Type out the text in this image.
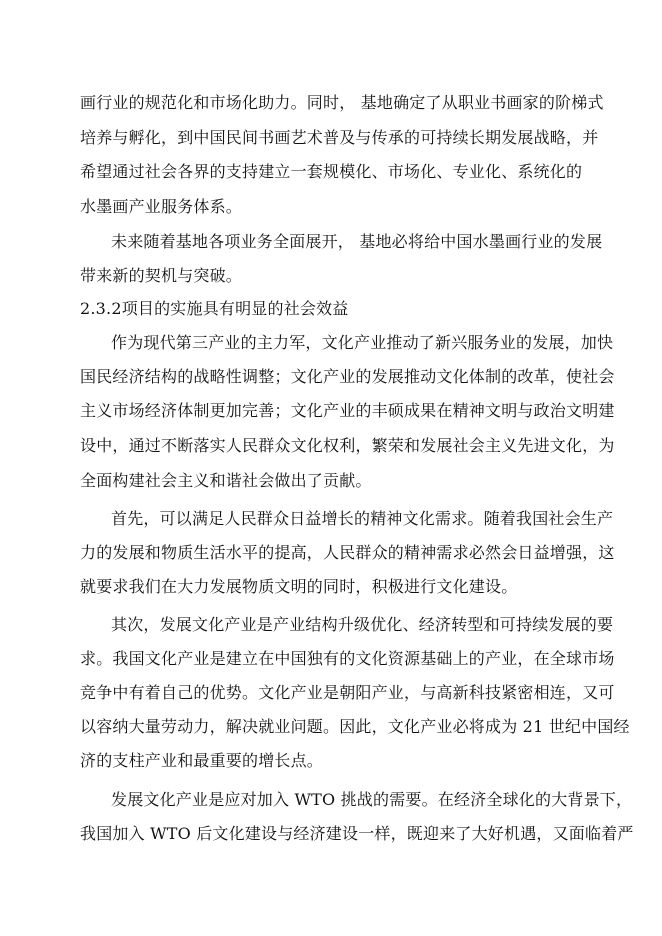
画行业的规范化和市场化助力。同时， 基地确定了从职业书画家的阶梯式

培养与孵化，到中国民间书画艺术普及与传承的可持续长期发展战略，并

希望通过社会各界的支持建立一套规模化、市场化、专业化、系统化的

水墨画产业服务体系。

未来随着基地各项业务全面展开， 基地必将给中国水墨画行业的发展

带来新的契机与突破。

2.3.2项目的实施具有明显的社会效益

作为现代第三产业的主力军，文化产业推动了新兴服务业的发展，加快

国民经济结构的战略性调整；文化产业的发展推动文化体制的改革，使社会

主义市场经济体制更加完善；文化产业的丰硕成果在精神文明与政治文明建

设中，通过不断落实人民群众文化权利，繁荣和发展社会主义先进文化，为

全面构建社会主义和谐社会做出了贡献。

首先，可以满足人民群众日益增长的精神文化需求。随着我国社会生产

力的发展和物质生活水平的提高，人民群众的精神需求必然会日益增强，这

就要求我们在大力发展物质文明的同时，积极进行文化建设。

其次，发展文化产业是产业结构升级优化、经济转型和可持续发展的要

求。我国文化产业是建立在中国独有的文化资源基础上的产业，在全球市场

竞争中有着自己的优势。文化产业是朝阳产业，与高新科技紧密相连，又可

以容纳大量劳动力，解决就业问题。因此，文化产业必将成为 21 世纪中国经

济的支柱产业和最重要的增长点。

发展文化产业是应对加入 WTO 挑战的需要。在经济全球化的大背景下，

我国加入 WTO 后文化建设与经济建设一样，既迎来了大好机遇，又面临着严
